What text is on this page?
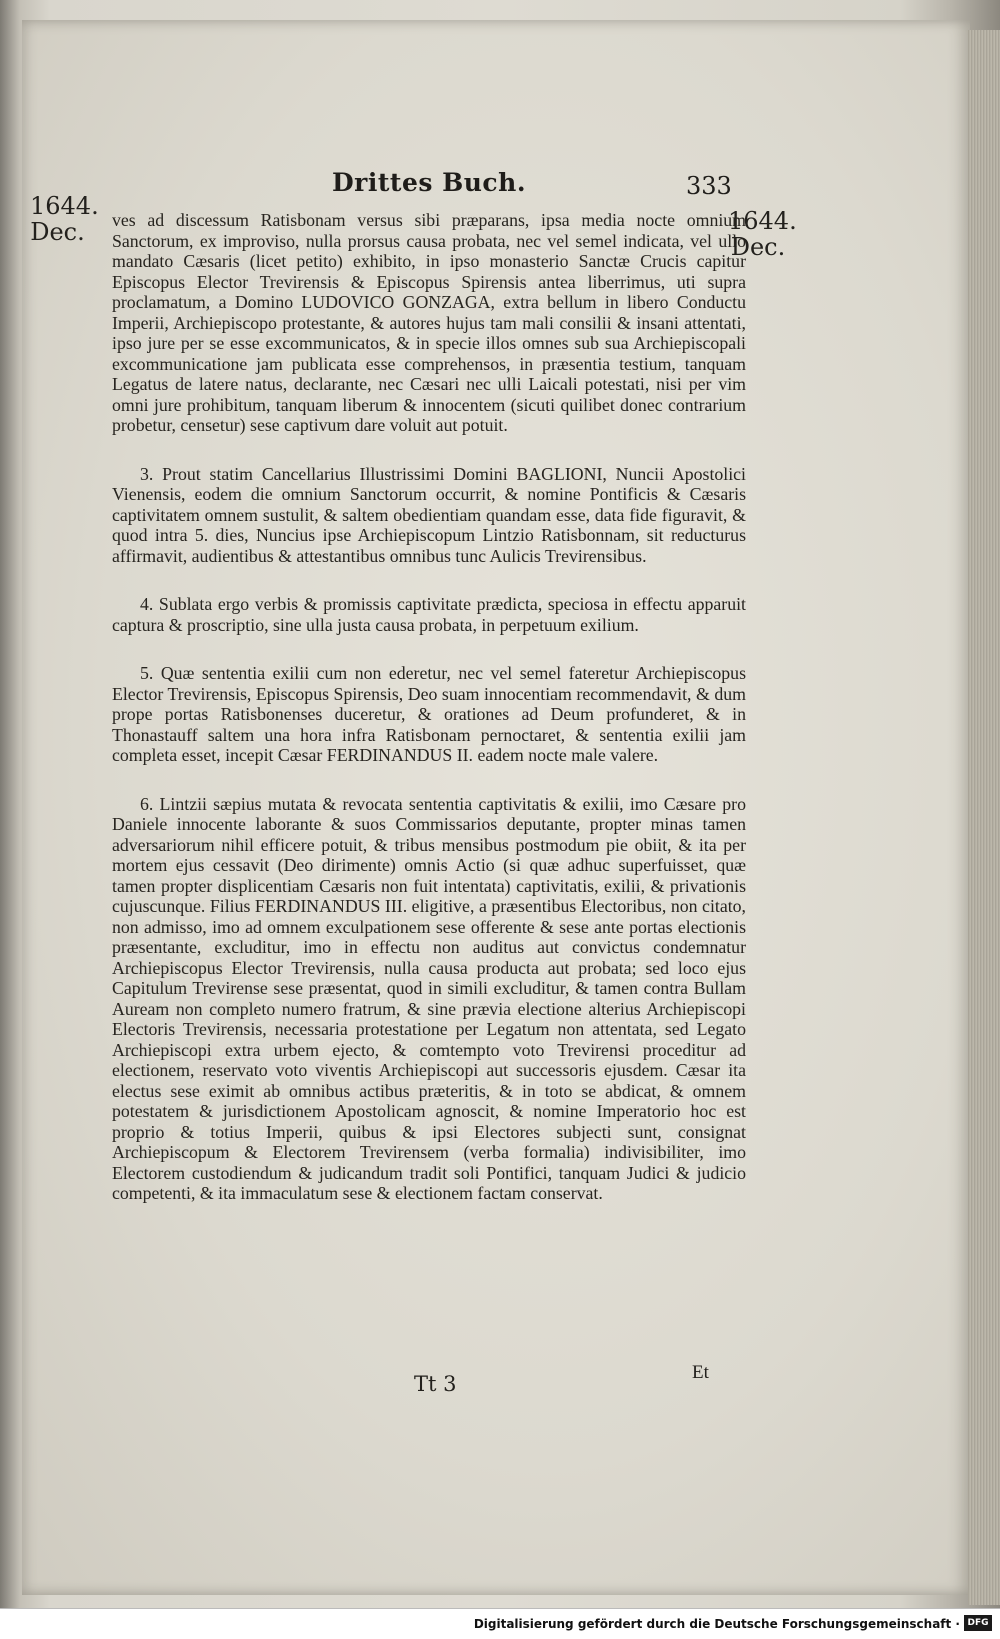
Drittes Buch.	333
1644.
Dec.	1644.
Dec.

ves ad discessum Ratisbonam versus sibi præparans, ipsa media nocte omnium Sanctorum, ex improviso, nulla prorsus causa probata, nec vel semel indicata, vel ullo mandato Cæsaris (licet petito) exhibito, in ipso monasterio Sanctæ Crucis capitur Episcopus Elector Trevirensis & Episcopus Spirensis antea liberrimus, uti supra proclamatum, a Domino LUDOVICO GONZAGA, extra bellum in libero Conductu Imperii, Archiepiscopo protestante, & autores hujus tam mali consilii & insani attentati, ipso jure per se esse excommunicatos, & in specie illos omnes sub sua Archiepiscopali excommunicatione jam publicata esse comprehensos, in præsentia testium, tanquam Legatus de latere natus, declarante, nec Cæsari nec ulli Laicali potestati, nisi per vim omni jure prohibitum, tanquam liberum & innocentem (sicuti quilibet donec contrarium probetur, censetur) sese captivum dare voluit aut potuit.

3. Prout statim Cancellarius Illustrissimi Domini BAGLIONI, Nuncii Apostolici Vienensis, eodem die omnium Sanctorum occurrit, & nomine Pontificis & Cæsaris captivitatem omnem sustulit, & saltem obedientiam quandam esse, data fide figuravit, & quod intra 5. dies, Nuncius ipse Archiepiscopum Lintzio Ratisbonnam, sit reducturus affirmavit, audientibus & attestantibus omnibus tunc Aulicis Trevirensibus.

4. Sublata ergo verbis & promissis captivitate prædicta, speciosa in effectu apparuit captura & proscriptio, sine ulla justa causa probata, in perpetuum exilium.

5. Quæ sententia exilii cum non ederetur, nec vel semel fateretur Archiepiscopus Elector Trevirensis, Episcopus Spirensis, Deo suam innocentiam recommendavit, & dum prope portas Ratisbonenses duceretur, & orationes ad Deum profunderet, & in Thonastauff saltem una hora infra Ratisbonam pernoctaret, & sententia exilii jam completa esset, incepit Cæsar FERDINANDUS II. eadem nocte male valere.

6. Lintzii sæpius mutata & revocata sententia captivitatis & exilii, imo Cæsare pro Daniele innocente laborante & suos Commissarios deputante, propter minas tamen adversariorum nihil efficere potuit, & tribus mensibus postmodum pie obiit, & ita per mortem ejus cessavit (Deo dirimente) omnis Actio (si quæ adhuc superfuisset, quæ tamen propter displicentiam Cæsaris non fuit intentata) captivitatis, exilii, & privationis cujuscunque. Filius FERDINANDUS III. eligitive, a præsentibus Electoribus, non citato, non admisso, imo ad omnem exculpationem sese offerente & sese ante portas electionis præsentante, excluditur, imo in effectu non auditus aut convictus condemnatur Archiepiscopus Elector Trevirensis, nulla causa producta aut probata; sed loco ejus Capitulum Trevirense sese præsentat, quod in simili excluditur, & tamen contra Bullam Auream non completo numero fratrum, & sine prævia electione alterius Archiepiscopi Electoris Trevirensis, necessaria protestatione per Legatum non attentata, sed Legato Archiepiscopi extra urbem ejecto, & comtempto voto Trevirensi proceditur ad electionem, reservato voto viventis Archiepiscopi aut successoris ejusdem. Cæsar ita electus sese eximit ab omnibus actibus præteritis, & in toto se abdicat, & omnem potestatem & jurisdictionem Apostolicam agnoscit, & nomine Imperatorio hoc est proprio & totius Imperii, quibus & ipsi Electores subjecti sunt, consignat Archiepiscopum & Electorem Trevirensem (verba formalia) indivisibiliter, imo Electorem custodiendum & judicandum tradit soli Pontifici, tanquam Judici & judicio competenti, & ita immaculatum sese & electionem factam conservat.

Tt 3	Et
Digitalisierung gefördert durch die Deutsche Forschungsgemeinschaft · DFG
